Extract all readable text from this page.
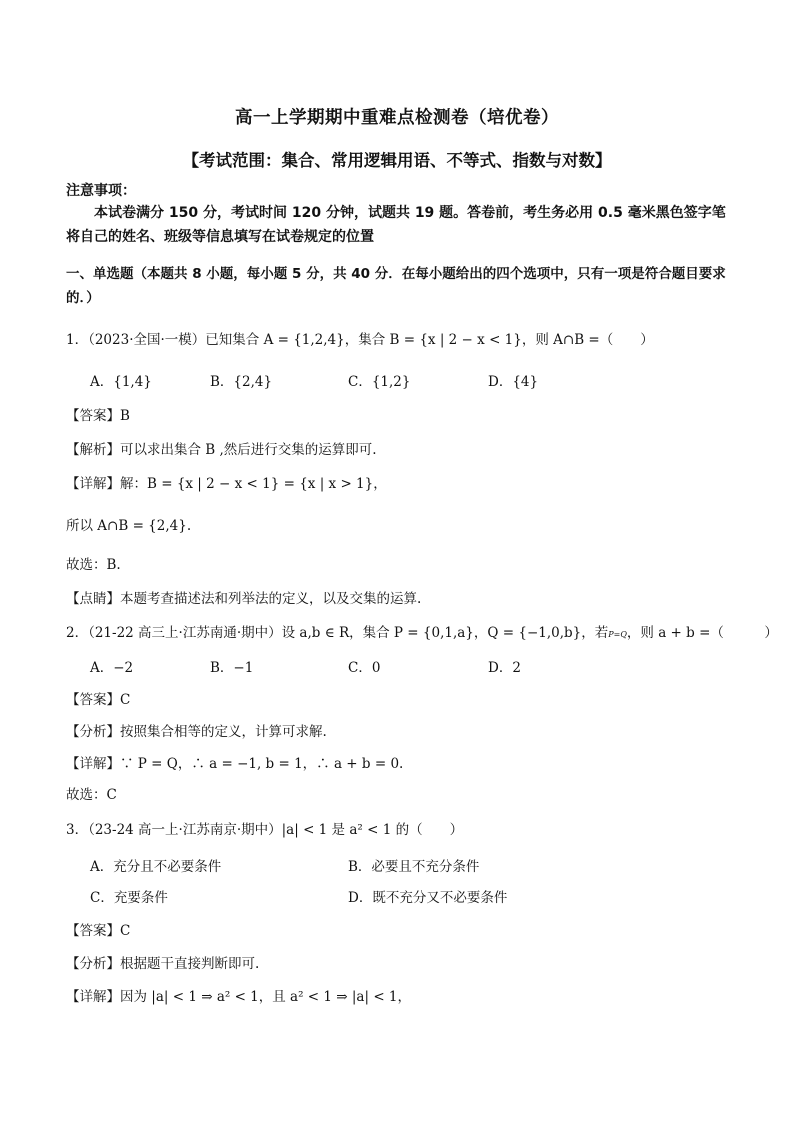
高一上学期期中重难点检测卷（培优卷）
【考试范围：集合、常用逻辑用语、不等式、指数与对数】
注意事项：
本试卷满分 150 分，考试时间 120 分钟，试题共 19 题。答卷前，考生务必用 0.5 毫米黑色签字笔将自己的姓名、班级等信息填写在试卷规定的位置
一、单选题（本题共 8 小题，每小题 5 分，共 40 分．在每小题给出的四个选项中，只有一项是符合题目要求的．）
1．（2023·全国·一模）已知集合 A = {1,2,4}，集合 B = {x | 2 − x < 1}，则 A∩B =（　　）
A．{1,4}	B．{2,4}	C．{1,2}	D．{4}
【答案】B
【解析】可以求出集合 B ,然后进行交集的运算即可.
【详解】解：B = {x | 2 − x < 1} = {x | x > 1}，
所以 A∩B = {2,4}.
故选：B.
【点睛】本题考查描述法和列举法的定义，以及交集的运算.
2．（21-22 高三上·江苏南通·期中）设 a,b ∈ R，集合 P = {0,1,a}，Q = {−1,0,b}，若P=Q，则 a + b =（　　　）
A．−2	B．−1	C．0	D．2
【答案】C
【分析】按照集合相等的定义，计算可求解.
【详解】∵ P = Q，∴ a = −1, b = 1，∴ a + b = 0.
故选：C
3．（23-24 高一上·江苏南京·期中）|a| < 1 是 a² < 1 的（　　）
A．充分且不必要条件	B．必要且不充分条件
C．充要条件	D．既不充分又不必要条件
【答案】C
【分析】根据题干直接判断即可.
【详解】因为 |a| < 1 ⇒ a² < 1，且 a² < 1 ⇒ |a| < 1，
